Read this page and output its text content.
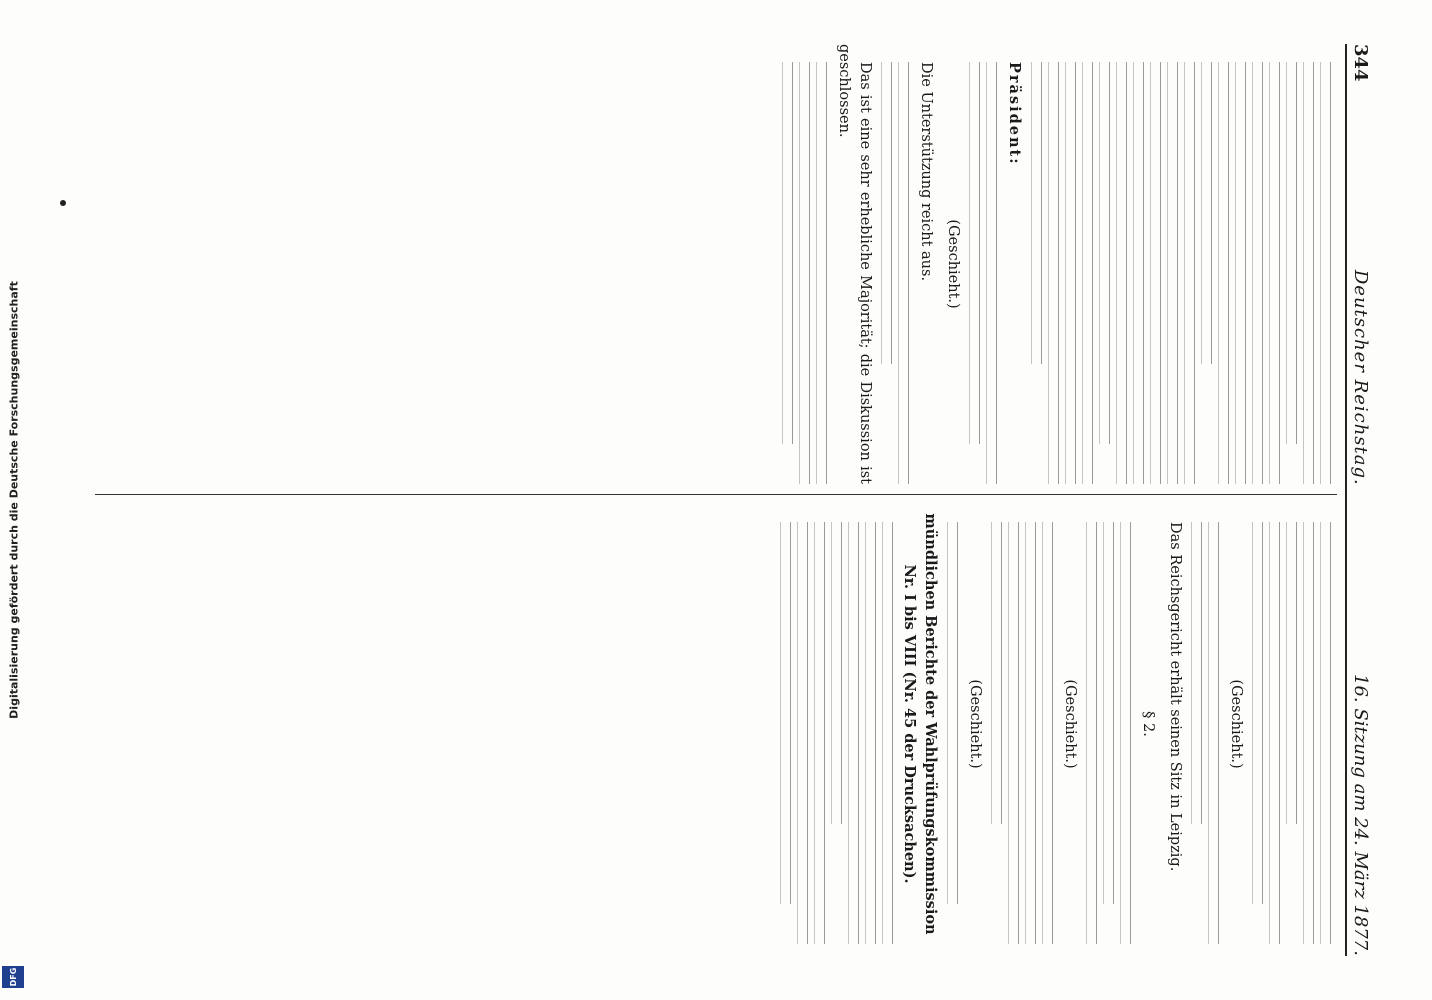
Digitalisierung gefördert durch die Deutsche Forschungsgemeinschaft
DFG
344
Deutscher Reichstag.
16. Sitzung am 24. März 1877.

Präsident:

(Geschieht.)

Die Unterstützung reicht aus.

Das ist eine sehr erhebliche Majorität; die Diskussion ist geschlossen.

(Geschieht.)

Das Reichsgericht erhält seinen Sitz in Leipzig.

§ 2.

(Geschieht.)

(Geschieht.)

mündlichen Berichte der Wahlprüfungskommission Nr. I bis VIII (Nr. 45 der Drucksachen).
